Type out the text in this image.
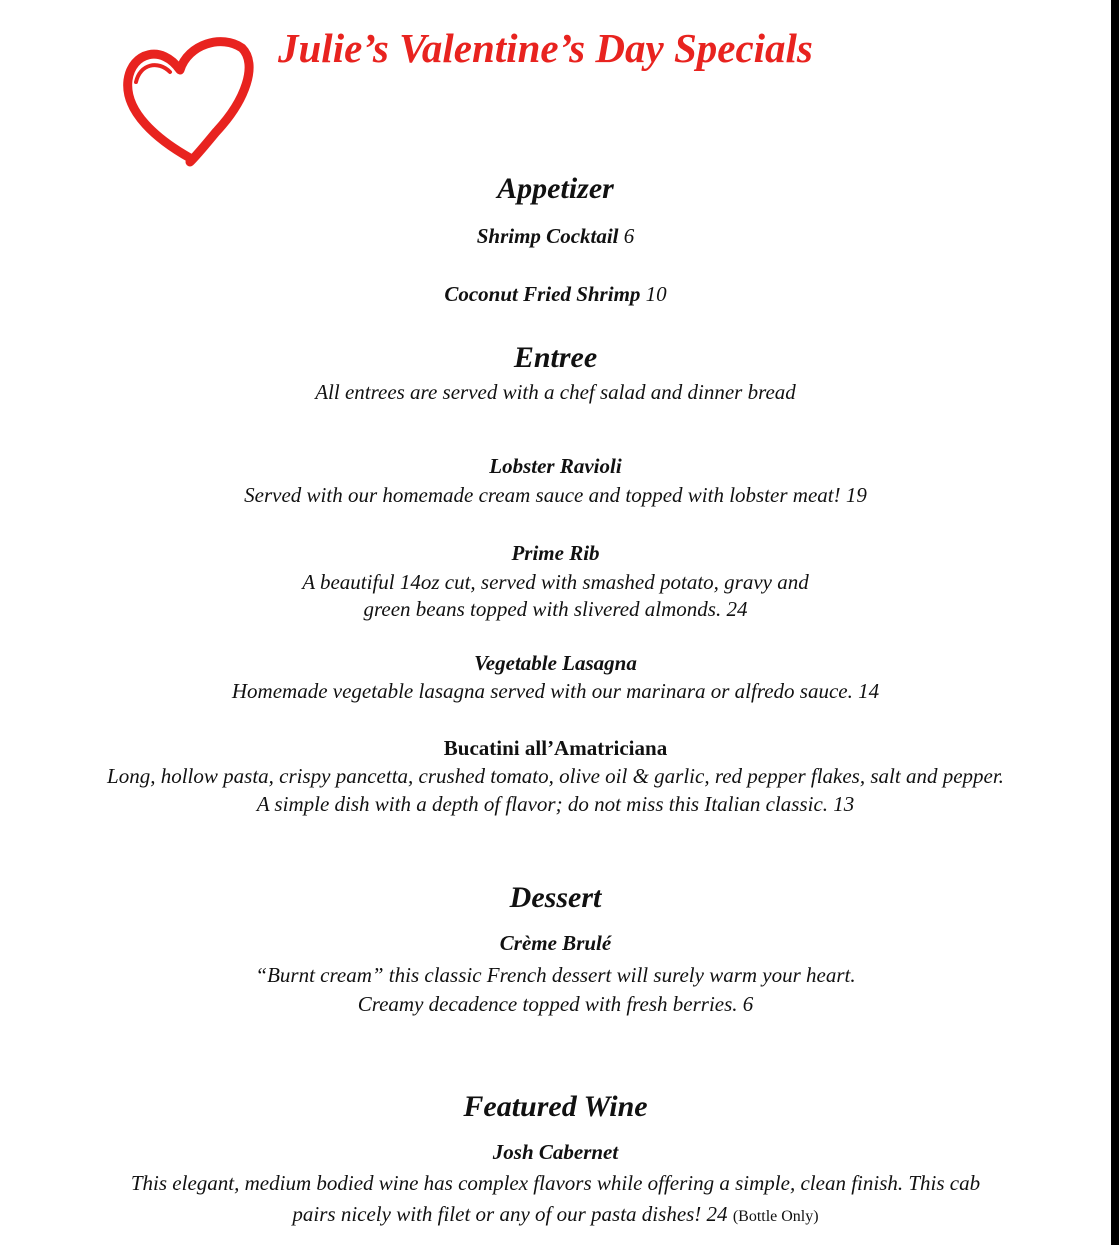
Julie’s Valentine’s Day Specials
Appetizer
Shrimp Cocktail 6
Coconut Fried Shrimp 10
Entree
All entrees are served with a chef salad and dinner bread
Lobster Ravioli
Served with our homemade cream sauce and topped with lobster meat! 19
Prime Rib
A beautiful 14oz cut, served with smashed potato, gravy and
green beans topped with slivered almonds. 24
Vegetable Lasagna
Homemade vegetable lasagna served with our marinara or alfredo sauce. 14
Bucatini all’Amatriciana
Long, hollow pasta, crispy pancetta, crushed tomato, olive oil & garlic, red pepper flakes, salt and pepper.
A simple dish with a depth of flavor; do not miss this Italian classic. 13
Dessert
Crème Brulé
“Burnt cream” this classic French dessert will surely warm your heart.
Creamy decadence topped with fresh berries. 6
Featured Wine
Josh Cabernet
This elegant, medium bodied wine has complex flavors while offering a simple, clean finish. This cab
pairs nicely with filet or any of our pasta dishes! 24 (Bottle Only)
